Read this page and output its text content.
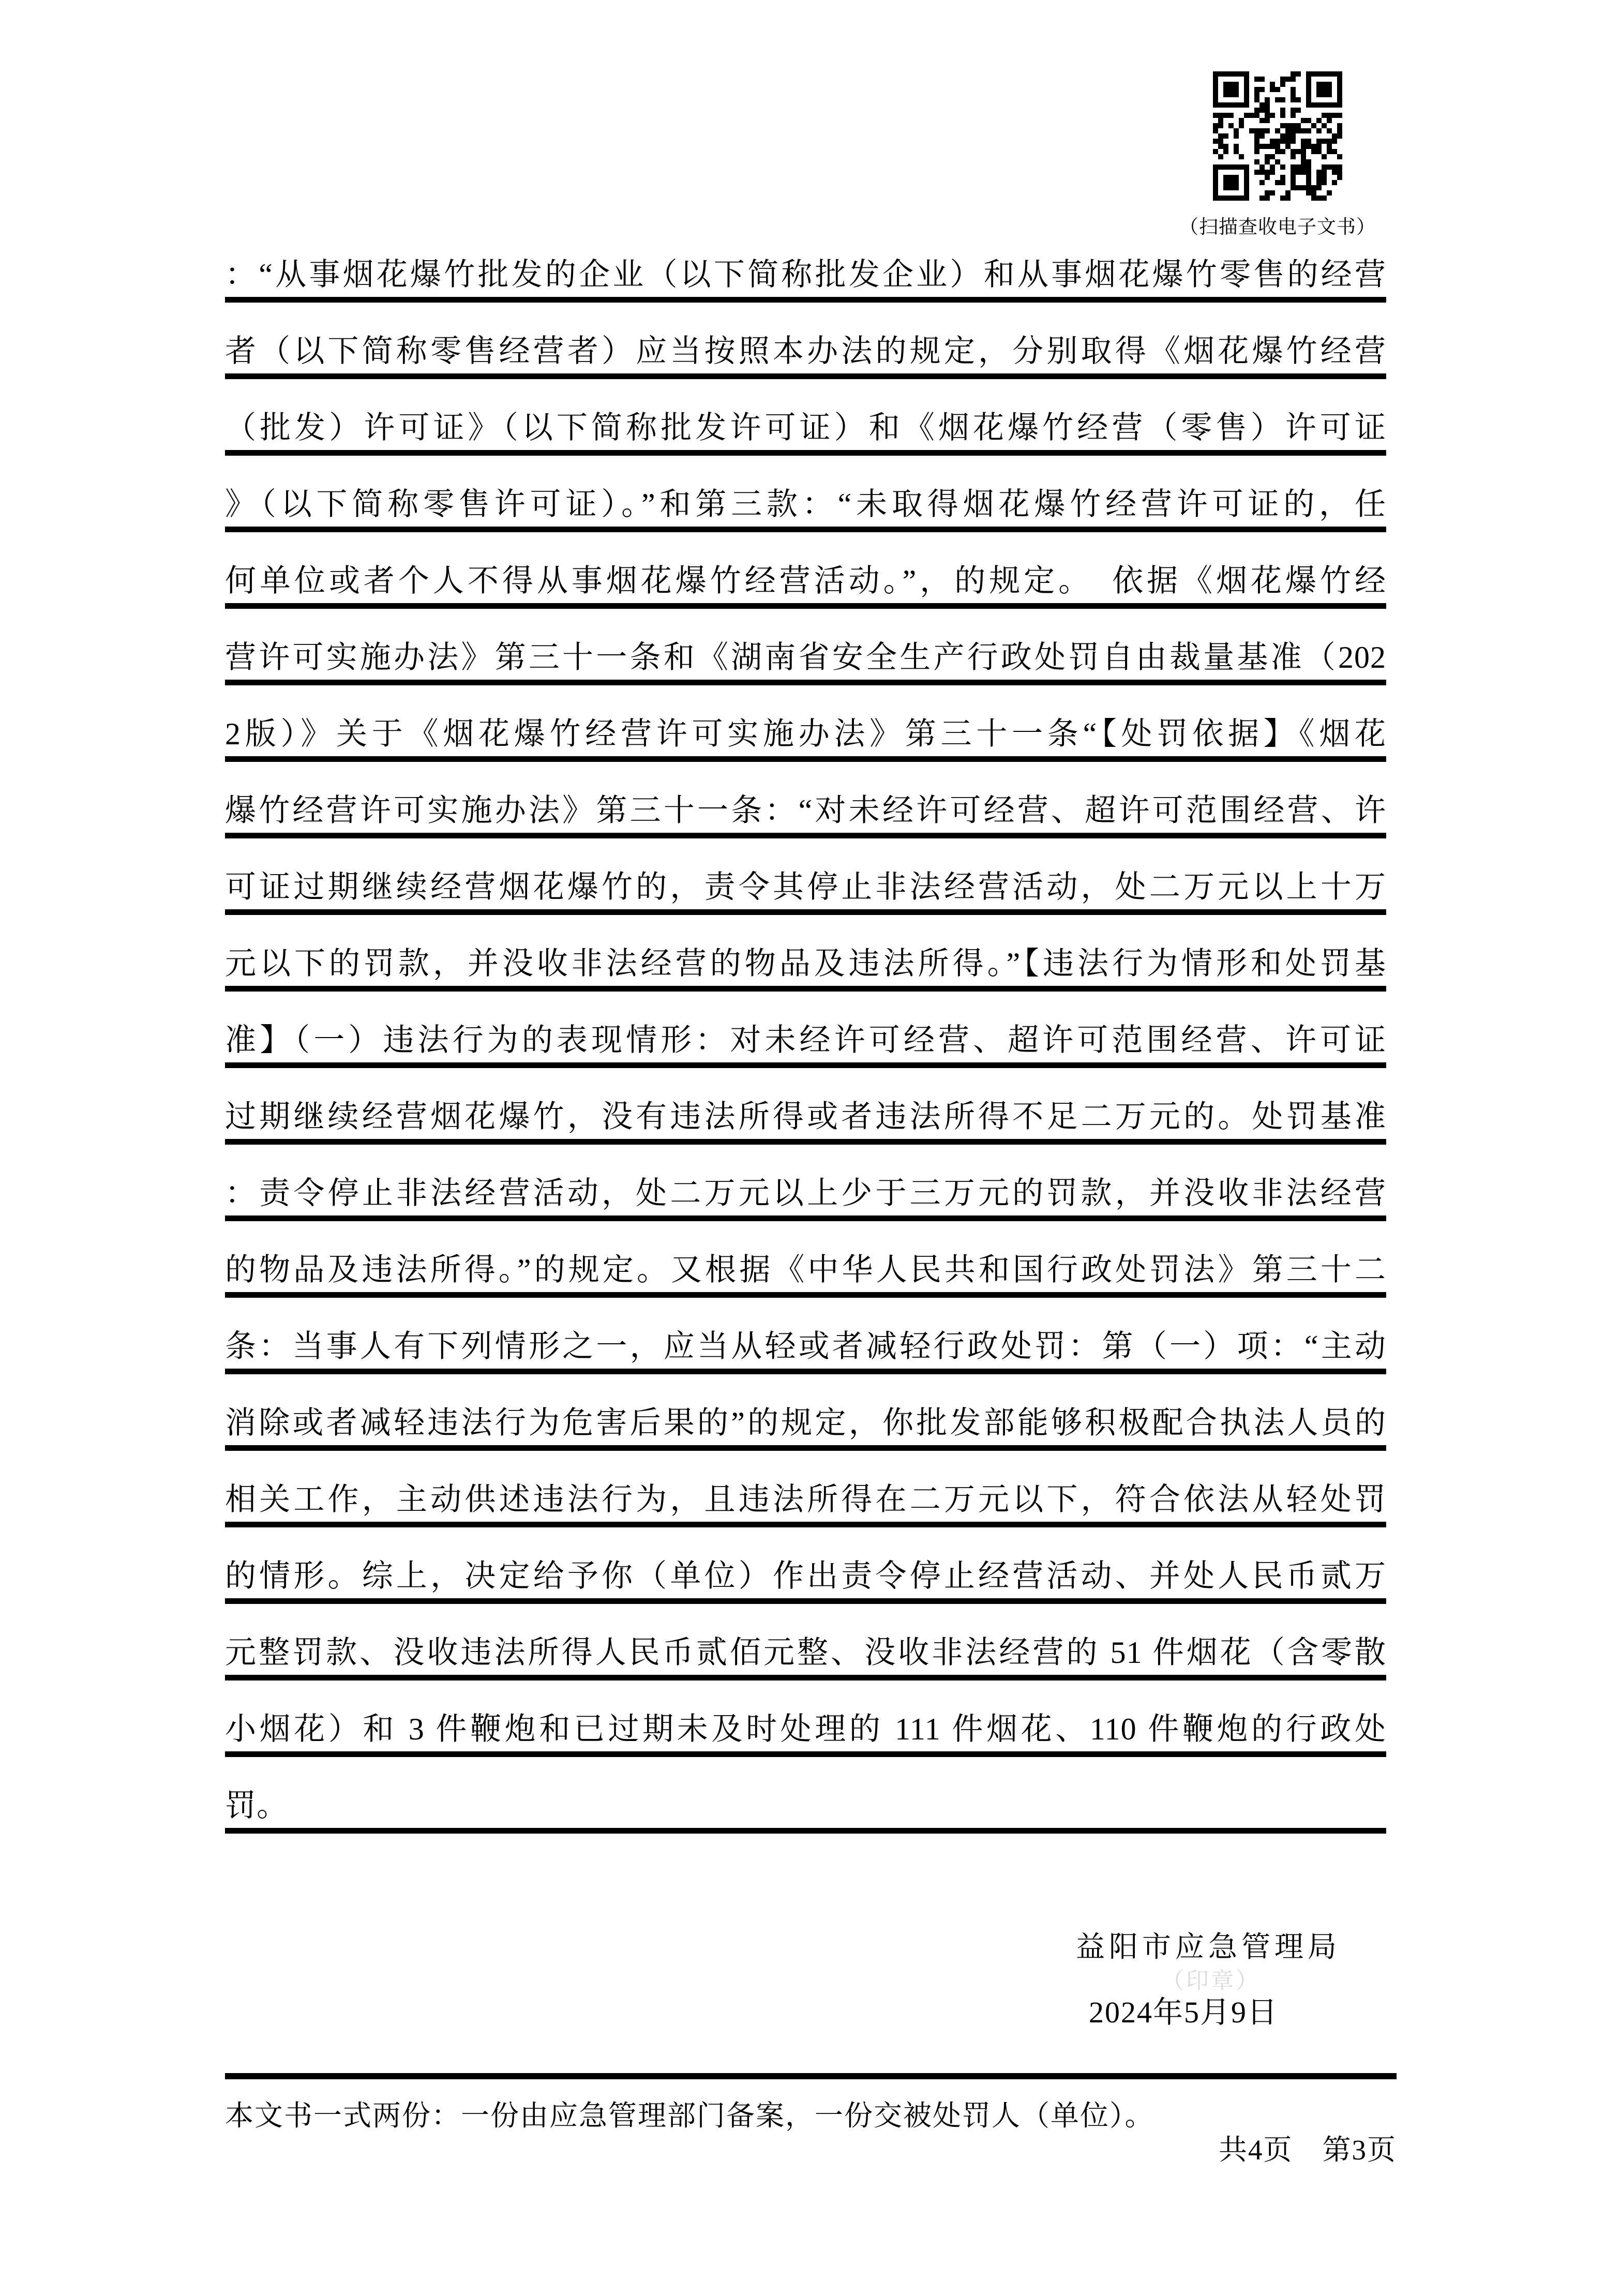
（扫描查收电子文书）
：“从事烟花爆竹批发的企业（以下简称批发企业）和从事烟花爆竹零售的经营
者（以下简称零售经营者）应当按照本办法的规定，分别取得《烟花爆竹经营
（批发）许可证》（以下简称批发许可证）和《烟花爆竹经营（零售）许可证
》（以下简称零售许可证）。”和第三款：“未取得烟花爆竹经营许可证的，任
何单位或者个人不得从事烟花爆竹经营活动。”，的规定。　依据《烟花爆竹经
营许可实施办法》第三十一条和《湖南省安全生产行政处罚自由裁量基准（202
2版）》关于《烟花爆竹经营许可实施办法》第三十一条“【处罚依据】《烟花
爆竹经营许可实施办法》第三十一条：“对未经许可经营、超许可范围经营、许
可证过期继续经营烟花爆竹的，责令其停止非法经营活动，处二万元以上十万
元以下的罚款，并没收非法经营的物品及违法所得。”【违法行为情形和处罚基
准】（一）违法行为的表现情形：对未经许可经营、超许可范围经营、许可证
过期继续经营烟花爆竹，没有违法所得或者违法所得不足二万元的。处罚基准
：责令停止非法经营活动，处二万元以上少于三万元的罚款，并没收非法经营
的物品及违法所得。”的规定。又根据《中华人民共和国行政处罚法》第三十二
条：当事人有下列情形之一，应当从轻或者减轻行政处罚：第（一）项：“主动
消除或者减轻违法行为危害后果的”的规定，你批发部能够积极配合执法人员的
相关工作，主动供述违法行为，且违法所得在二万元以下，符合依法从轻处罚
的情形。综上，决定给予你（单位）作出责令停止经营活动、并处人民币贰万
元整罚款、没收违法所得人民币贰佰元整、没收非法经营的 51 件烟花（含零散
小烟花）和 3 件鞭炮和已过期未及时处理的 111 件烟花、110 件鞭炮的行政处
罚。
益阳市应急管理局
（印章）
2024年5月9日
本文书一式两份：一份由应急管理部门备案，一份交被处罚人（单位）。
共4页　第3页
